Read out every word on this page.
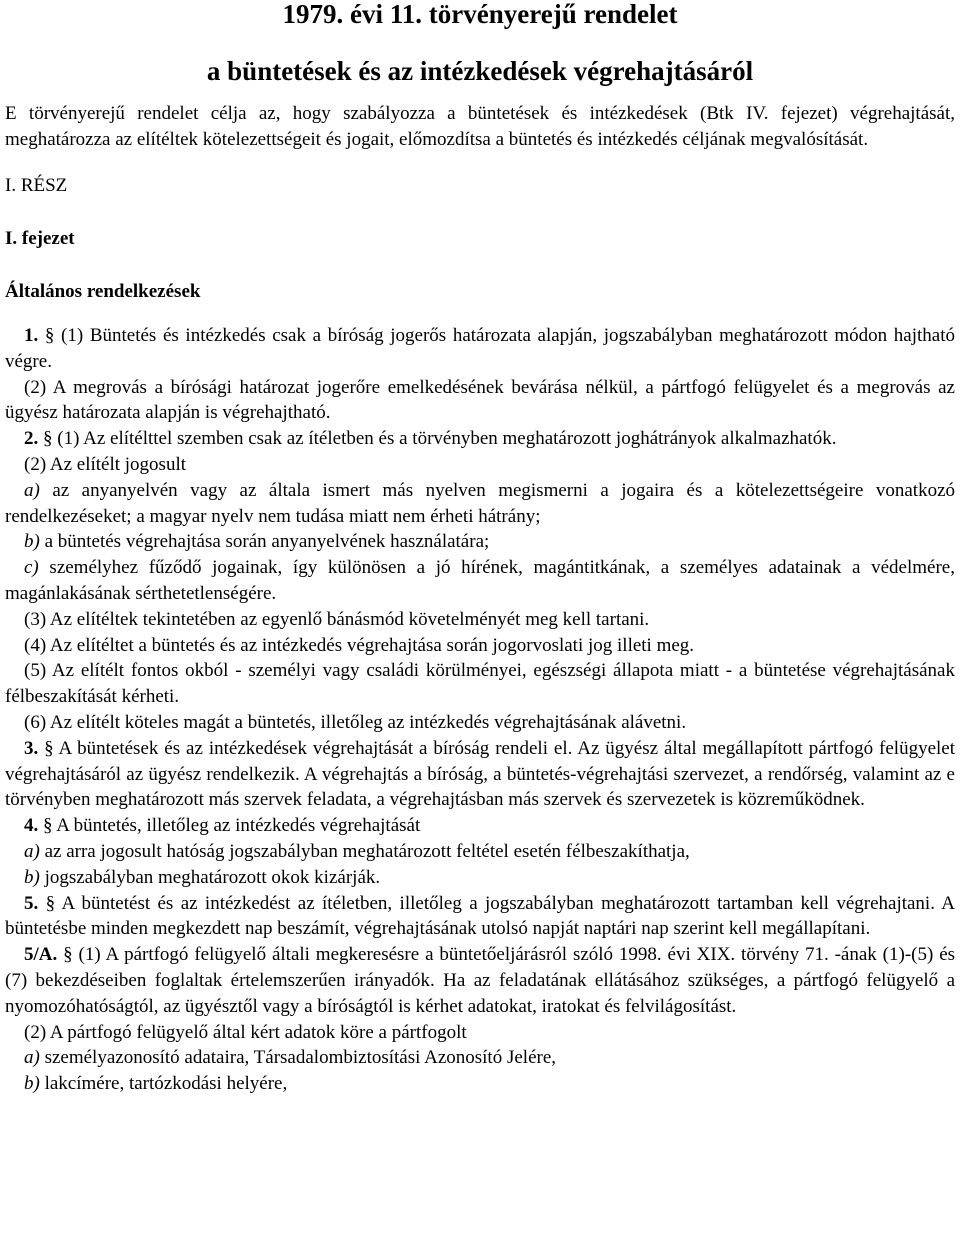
1979. évi 11. törvényerejű rendelet
a büntetések és az intézkedések végrehajtásáról

E törvényerejű rendelet célja az, hogy szabályozza a büntetések és intézkedések (Btk IV. fejezet) végrehajtását, meghatározza az elítéltek kötelezettségeit és jogait, előmozdítsa a büntetés és intézkedés céljának megvalósítását.

I. RÉSZ

I. fejezet

Általános rendelkezések

1. § (1) Büntetés és intézkedés csak a bíróság jogerős határozata alapján, jogszabályban meghatározott módon hajtható végre.

(2) A megrovás a bírósági határozat jogerőre emelkedésének bevárása nélkül, a pártfogó felügyelet és a megrovás az ügyész határozata alapján is végrehajtható.

2. § (1) Az elítélttel szemben csak az ítéletben és a törvényben meghatározott joghátrányok alkalmazhatók.

(2) Az elítélt jogosult

a) az anyanyelvén vagy az általa ismert más nyelven megismerni a jogaira és a kötelezettségeire vonatkozó rendelkezéseket; a magyar nyelv nem tudása miatt nem érheti hátrány;

b) a büntetés végrehajtása során anyanyelvének használatára;

c) személyhez fűződő jogainak, így különösen a jó hírének, magántitkának, a személyes adatainak a védelmére, magánlakásának sérthetetlenségére.

(3) Az elítéltek tekintetében az egyenlő bánásmód követelményét meg kell tartani.

(4) Az elítéltet a büntetés és az intézkedés végrehajtása során jogorvoslati jog illeti meg.

(5) Az elítélt fontos okból - személyi vagy családi körülményei, egészségi állapota miatt - a büntetése végrehajtásának félbeszakítását kérheti.

(6) Az elítélt köteles magát a büntetés, illetőleg az intézkedés végrehajtásának alávetni.

3. § A büntetések és az intézkedések végrehajtását a bíróság rendeli el. Az ügyész által megállapított pártfogó felügyelet végrehajtásáról az ügyész rendelkezik. A végrehajtás a bíróság, a büntetés-végrehajtási szervezet, a rendőrség, valamint az e törvényben meghatározott más szervek feladata, a végrehajtásban más szervek és szervezetek is közreműködnek.

4. § A büntetés, illetőleg az intézkedés végrehajtását

a) az arra jogosult hatóság jogszabályban meghatározott feltétel esetén félbeszakíthatja,

b) jogszabályban meghatározott okok kizárják.

5. § A büntetést és az intézkedést az ítéletben, illetőleg a jogszabályban meghatározott tartamban kell végrehajtani. A büntetésbe minden megkezdett nap beszámít, végrehajtásának utolsó napját naptári nap szerint kell megállapítani.

5/A. § (1) A pártfogó felügyelő általi megkeresésre a büntetőeljárásról szóló 1998. évi XIX. törvény 71. -ának (1)-(5) és (7) bekezdéseiben foglaltak értelemszerűen irányadók. Ha az feladatának ellátásához szükséges, a pártfogó felügyelő a nyomozóhatóságtól, az ügyésztől vagy a bíróságtól is kérhet adatokat, iratokat és felvilágosítást.

(2) A pártfogó felügyelő által kért adatok köre a pártfogolt

a) személyazonosító adataira, Társadalombiztosítási Azonosító Jelére,

b) lakcímére, tartózkodási helyére,
